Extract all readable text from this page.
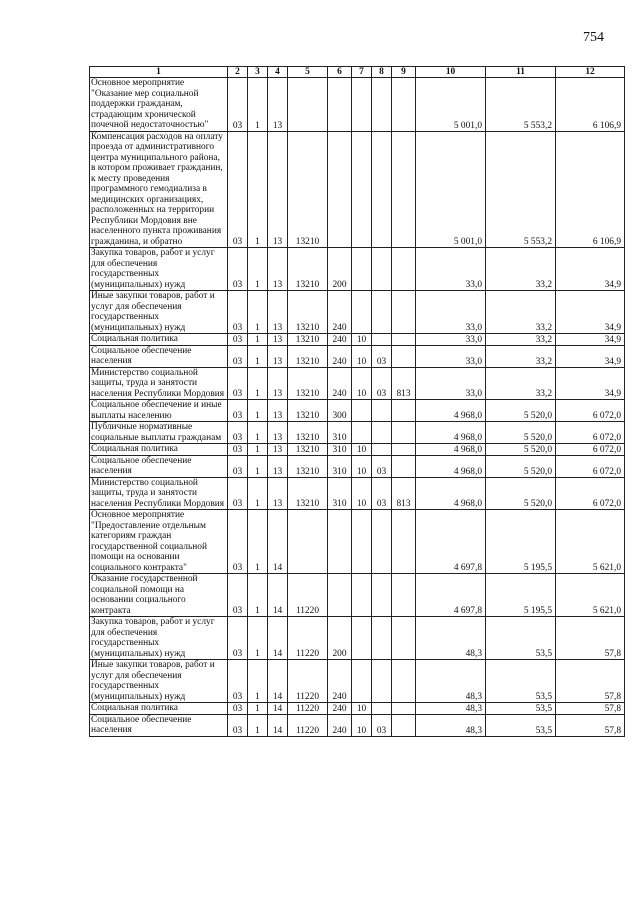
754
1	2	3	4	5	6	7	8	9	10	11	12
Основное мероприятие "Оказание мер социальной поддержки гражданам, страдающим хронической почечной недостаточностью"	03	1	13						5 001,0	5 553,2	6 106,9
Компенсация расходов на оплату проезда от административного центра муниципального района, в котором проживает гражданин, к месту проведения программного гемодиализа в медицинских организациях, расположенных на территории Республики Мордовия вне населенного пункта проживания гражданина, и обратно	03	1	13	13210					5 001,0	5 553,2	6 106,9
Закупка товаров, работ и услуг для обеспечения государственных (муниципальных) нужд	03	1	13	13210	200				33,0	33,2	34,9
Иные закупки товаров, работ и услуг для обеспечения государственных (муниципальных) нужд	03	1	13	13210	240				33,0	33,2	34,9
Социальная политика	03	1	13	13210	240	10			33,0	33,2	34,9
Социальное обеспечение населения	03	1	13	13210	240	10	03		33,0	33,2	34,9
Министерство социальной защиты, труда и занятости населения Республики Мордовия	03	1	13	13210	240	10	03	813	33,0	33,2	34,9
Социальное обеспечение и иные выплаты населению	03	1	13	13210	300				4 968,0	5 520,0	6 072,0
Публичные нормативные социальные выплаты гражданам	03	1	13	13210	310				4 968,0	5 520,0	6 072,0
Социальная политика	03	1	13	13210	310	10			4 968,0	5 520,0	6 072,0
Социальное обеспечение населения	03	1	13	13210	310	10	03		4 968,0	5 520,0	6 072,0
Министерство социальной защиты, труда и занятости населения Республики Мордовия	03	1	13	13210	310	10	03	813	4 968,0	5 520,0	6 072,0
Основное мероприятие "Предоставление отдельным категориям граждан государственной социальной помощи на основании социального контракта"	03	1	14						4 697,8	5 195,5	5 621,0
Оказание государственной социальной помощи на основании социального контракта	03	1	14	11220					4 697,8	5 195,5	5 621,0
Закупка товаров, работ и услуг для обеспечения государственных (муниципальных) нужд	03	1	14	11220	200				48,3	53,5	57,8
Иные закупки товаров, работ и услуг для обеспечения государственных (муниципальных) нужд	03	1	14	11220	240				48,3	53,5	57,8
Социальная политика	03	1	14	11220	240	10			48,3	53,5	57,8
Социальное обеспечение населения	03	1	14	11220	240	10	03		48,3	53,5	57,8
